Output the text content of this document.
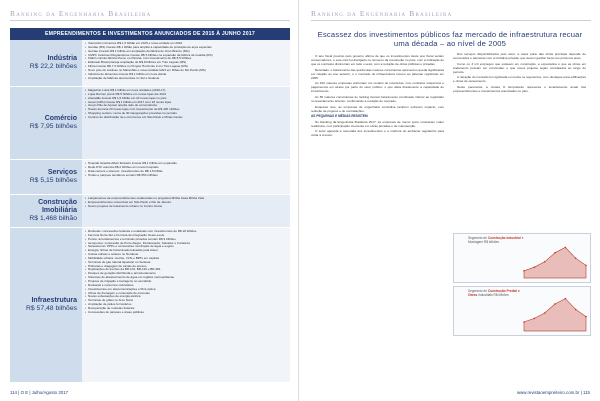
Ranking da Engenharia Brasileira
EMPREENDIMENTOS E INVESTIMENTOS ANUNCIADOS DE 2015 À JUNHO 2017
Indústria
R$ 22,2 bilhões
• Votorantim Cimentos R$ 1,5 bilhão em 2015 e nova unidade em 2016
• Gerdau (RS) investe R$ 1 bilhão para ampliar a capacidade de produção de aços especiais
• Gerdau investiu R$ 1 bilhão em ampliação da fábrica de Ouro Branco (MG)
• CMPC Celulose Riograndense investe R$ 5 bilhões na expansão da fábrica de Guaíba (RS)
• Klabin conclui fábrica Puma, no Paraná, com investimento de R$ 8,5 bilhões
• Eldorado Brasil planeja ampliação de R$ 8 bilhões em Três Lagoas (MS)
• Fibria investe R$ 7,3 bilhões no Projeto Horizonte 2 em Três Lagoas (MS)
• Novo polo de celulose no Maranhão e nova unidade fabril em Ribas do Rio Pardo (MS)
• Indústria de alimentos investe R$ 1 bilhão em nova planta
• Ampliação de fábricas automotivas no Sul e Sudeste
Comércio
R$ 7,95 bilhões
• Magazine Luiza R$ 1 bilhão em nova unidades (2016-17)
• Lojas Renner prevê R$ 5 bilhões em novas lojas até 2021
• Atacadão investe R$ 1,5 bilhão em 20 novas lojas no país
• Assaí (GPA) investe R$ 1 bilhão em 2017 com 18 novas lojas
• Grupo Pão de Açúcar amplia rede de conveniência
• Havan anuncia 20 novas lojas com investimento de R$ 400 milhões
• Shopping centers: cerca de 30 inaugurações previstas no período
• Centros de distribuição de e-commerce em São Paulo e Minas Gerais
Serviços
R$ 5,15 bilhões
• Hospital Israelita Albert Einstein investe R$ 1 bilhão em expansão
• Rede D'Or anuncia R$ 2 bilhões em novos hospitais
• Data centers e telecom: investimentos de R$ 1,5 bilhão
• Hotéis e parques temáticos somam R$ 650 milhões
Construção Imobiliária
R$ 1,468 bilhão
• Lançamentos de empreendimentos residenciais no programa Minha Casa Minha Vida
• Empreendimentos comerciais em São Paulo e Rio de Janeiro
• Novos projetos de loteamento urbano no Centro-Oeste
Infraestrutura
R$ 57,48 bilhões
• Rodovias: concessões federais e estaduais com investimentos de R$ 18 bilhões
• Ferrovia Norte-Sul e Ferrovia de Integração Oeste-Leste
• Portos: arrendamentos e terminais privados somam R$ 9 bilhões
• Aeroportos: concessão de Porto Alegre, Florianópolis, Salvador e Fortaleza
• Saneamento: PPPs e concessões municipais de água e esgoto
• Energia: linhas de transmissão leiloadas pela Aneel
• Usinas eólicas e solares no Nordeste
• Mobilidade urbana: metrôs, VLTs e BRTs em capitais
• Terminais de gás natural liquefeito no Sudeste
• Hidrovias e dragagem de canais de acesso
• Duplicações de trechos da BR-101, BR-116 e BR-381
• Parques de geração distribuída e armazenamento
• Sistemas de abastecimento de água em regiões metropolitanas
• Projetos de irrigação e barragens no semiárido
• Rodoanel e contornos rodoviários
• Investimentos em telecomunicações e fibra óptica
• Obras de drenagem e contenção de encostas
• Novas subestações de energia elétrica
• Terminais de grãos no Arco Norte
• Ampliação de pátios ferroviários
• Recuperação de rodovias federais
• Concessões de parques e áreas públicas
114 | O E | Julho/Agosto 2017
Ranking da Engenharia Brasileira
Escassez dos investimentos públicos faz mercado de infraestrutura recuar uma década – ao nível de 2005

O ano fiscal previsto pelo governo afirma de que os investimentos deste ano fiscal seriam conservadores, e este mês foi divulgado os números da construção no país, com a indicação de que os contratos diminuíram em todo o setor, com a redução de obras públicas e privadas.

Resultado: o faturamento das quinhentas maiores construtoras apresentou queda significativa em relação ao ano anterior, e o mercado de infraestrutura recuou ao patamar registrado em 2005.

As 100 maiores empresas enfrentam um cenário de incertezas, com contratos suspensos e pagamentos em atraso por parte do setor público, o que afeta diretamente a capacidade de investimento.

As 50 maiores construtoras do ranking tiveram faturamento combinado inferior ao registrado no levantamento anterior, confirmando a retração do mercado.

Enquanto isso, as empresas de engenharia consultiva também sofreram impacto, com redução de projetos e de contratações.

AS PEQUENAS E MÉDIAS RESISTEM

No Ranking da Engenharia Brasileira 2017, as empresas de menor porte mostraram maior resiliência, com participação crescente em obras privadas e de manutenção.

O setor aguarda a retomada dos investimentos e a melhora do ambiente regulatório para voltar a crescer.

Dos serviços disponibilizados pelo setor, a maior parte das obras previstas depende de concessões e parcerias com a iniciativa privada, que devem ganhar força nos próximos anos.

Como os 3 mil empregos que estavam em construção, a expectativa é que as obras em andamento possam ser concluídas, e que novos projetos sejam contratados ao longo do período.

A retração do mercado foi registrada em todos os segmentos, com destaque para edificações e obras de saneamento.

Neste panorama, a revista O Empreiteiro apresenta o levantamento anual dos empreendimentos e investimentos anunciados no país.

Segmento de Construção Industrial e Montagem R$ bilhões
Segmento de Construção Predial e Obras Industriais R$ bilhões
www.revistaoempreiteiro.com.br | 115
